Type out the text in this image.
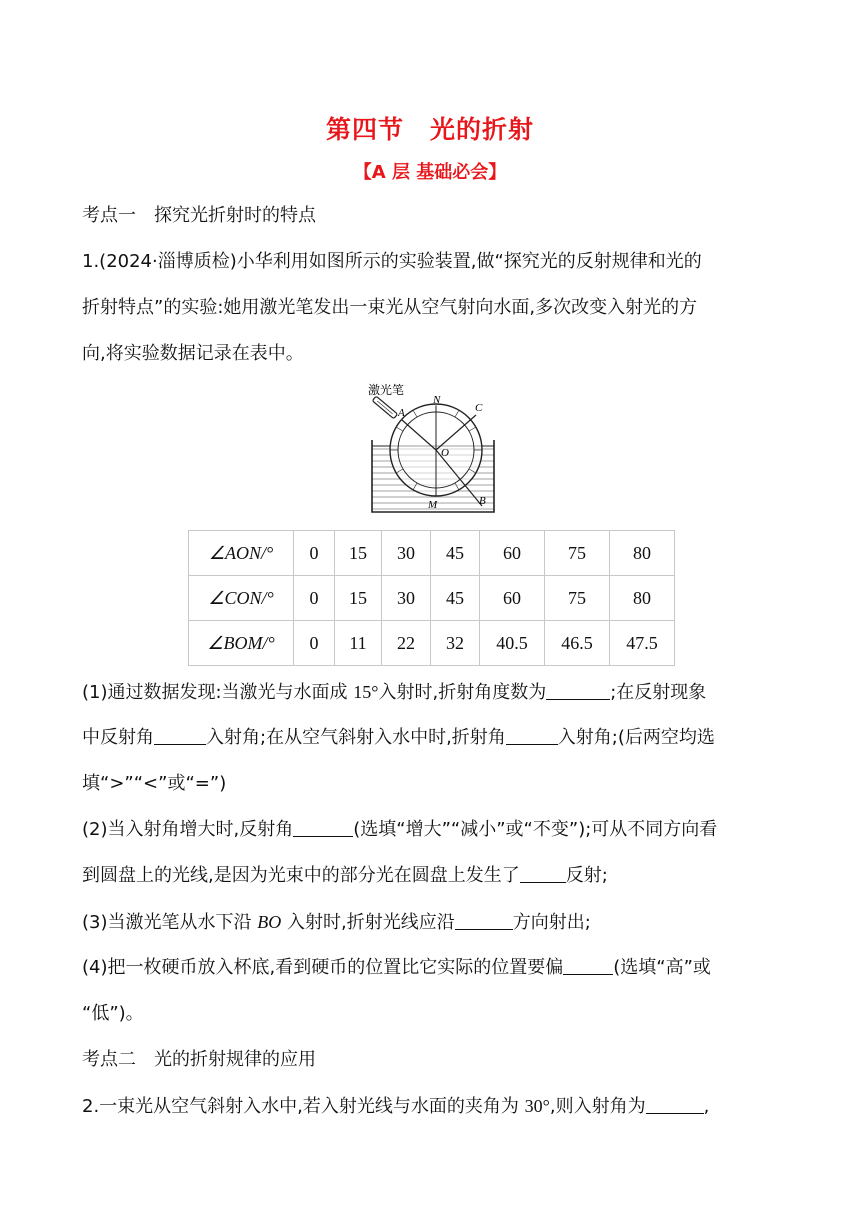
第四节　光的折射
【A 层 基础必会】
考点一　探究光折射时的特点
1.(2024·淄博质检)小华利用如图所示的实验装置,做“探究光的反射规律和光的
折射特点”的实验:她用激光笔发出一束光从空气射向水面,多次改变入射光的方
向,将实验数据记录在表中。
激光笔
A
N
C
O
M	B
∠AON/°	0	15	30	45	60	75	80
∠CON/°	0	15	30	45	60	75	80
∠BOM/°	0	11	22	32	40.5	46.5	47.5
(1)通过数据发现:当激光与水面成 15°入射时,折射角度数为	;在反射现象
中反射角	入射角;在从空气斜射入水中时,折射角	入射角;(后两空均选
填“>”“<”或“=”)
(2)当入射角增大时,反射角	(选填“增大”“减小”或“不变”);可从不同方向看
到圆盘上的光线,是因为光束中的部分光在圆盘上发生了	反射;
(3)当激光笔从水下沿 BO 入射时,折射光线应沿	方向射出;
(4)把一枚硬币放入杯底,看到硬币的位置比它实际的位置要偏	(选填“高”或
“低”)。
考点二　光的折射规律的应用
2.一束光从空气斜射入水中,若入射光线与水面的夹角为 30°,则入射角为	,
